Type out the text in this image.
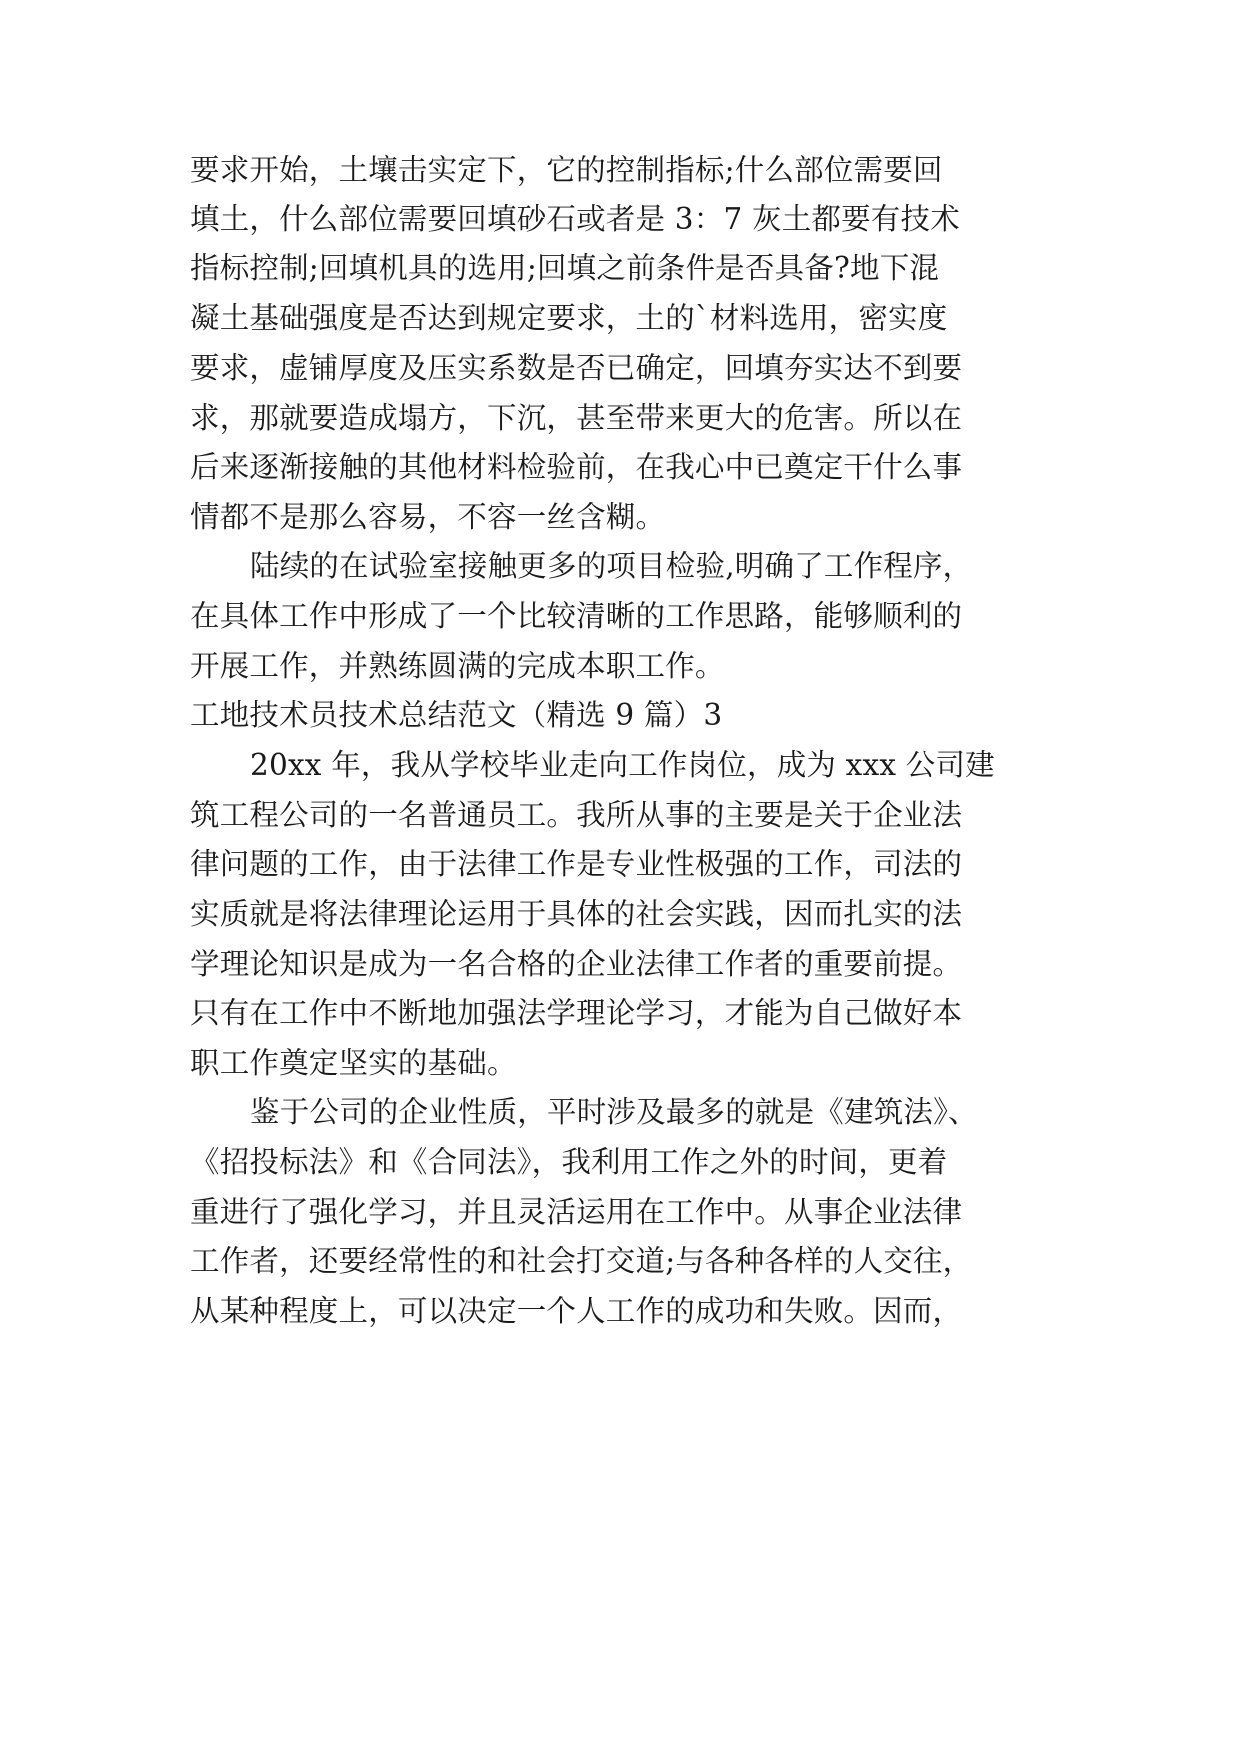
要求开始，土壤击实定下，它的控制指标;什么部位需要回
填土，什么部位需要回填砂石或者是 3：7 灰土都要有技术
指标控制;回填机具的选用;回填之前条件是否具备?地下混
凝土基础强度是否达到规定要求，土的`材料选用，密实度
要求，虚铺厚度及压实系数是否已确定，回填夯实达不到要
求，那就要造成塌方，下沉，甚至带来更大的危害。所以在
后来逐渐接触的其他材料检验前，在我心中已奠定干什么事
情都不是那么容易，不容一丝含糊。
陆续的在试验室接触更多的项目检验,明确了工作程序，
在具体工作中形成了一个比较清晰的工作思路，能够顺利的
开展工作，并熟练圆满的完成本职工作。
工地技术员技术总结范文（精选 9 篇）3
20xx 年，我从学校毕业走向工作岗位，成为 xxx 公司建
筑工程公司的一名普通员工。我所从事的主要是关于企业法
律问题的工作，由于法律工作是专业性极强的工作，司法的
实质就是将法律理论运用于具体的社会实践，因而扎实的法
学理论知识是成为一名合格的企业法律工作者的重要前提。
只有在工作中不断地加强法学理论学习，才能为自己做好本
职工作奠定坚实的基础。
鉴于公司的企业性质，平时涉及最多的就是《建筑法》、
《招投标法》和《合同法》，我利用工作之外的时间，更着
重进行了强化学习，并且灵活运用在工作中。从事企业法律
工作者，还要经常性的和社会打交道;与各种各样的人交往，
从某种程度上，可以决定一个人工作的成功和失败。因而，
